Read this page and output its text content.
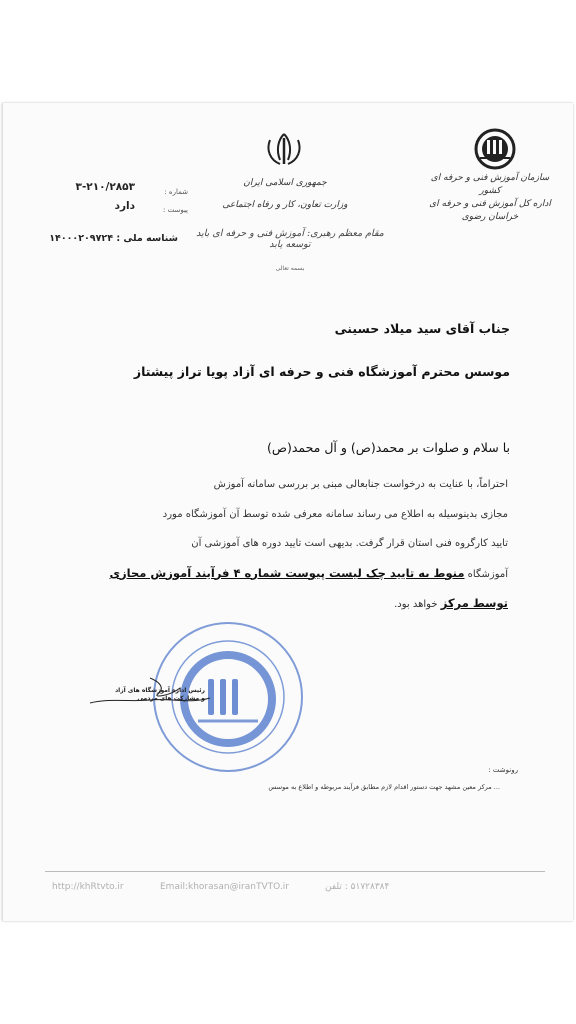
سازمان آموزش فنی و حرفه ای کشور
اداره کل آموزش فنی و حرفه ای خراسان رضوی
جمهوری اسلامی ایران
وزارت تعاون، کار و رفاه اجتماعی
مقام معظم رهبری: آموزش فنی و حرفه ای باید توسعه یابد
بسمه تعالی
شماره :
پیوست :
۳-۲۱۰/۲۸۵۳
دارد
شناسه ملی : ۱۴۰۰۰۲۰۹۷۲۴
جناب آقای سید میلاد حسینی
موسس محترم آموزشگاه فنی و حرفه ای آزاد پویا تراز پیشتاز
با سلام و صلوات بر محمد(ص) و آل محمد(ص)
احتراماً، با عنایت به درخواست جنابعالی مبنی بر بررسی سامانه آموزش
مجازی بدینوسیله به اطلاع می رساند سامانه معرفی شده توسط آن آموزشگاه مورد
تایید کارگروه فنی استان قرار گرفت. بدیهی است تایید دوره های آموزشی آن
آموزشگاه منوط به تایید چک لیست پیوست شماره ۴ فرآیند آموزش مجازی
توسط مرکز خواهد بود.
رئیس اداره آموزشگاه های آزاد
و مشارکت های مردمی
رونوشت :
... مرکز معین مشهد جهت دستور اقدام لازم مطابق فرآیند مربوطه و اطلاع به موسس
http://khRtvto.ir	Email:khorasan@iranTVTO.ir	۵۱۷۲۸۳۸۴ : تلفن
